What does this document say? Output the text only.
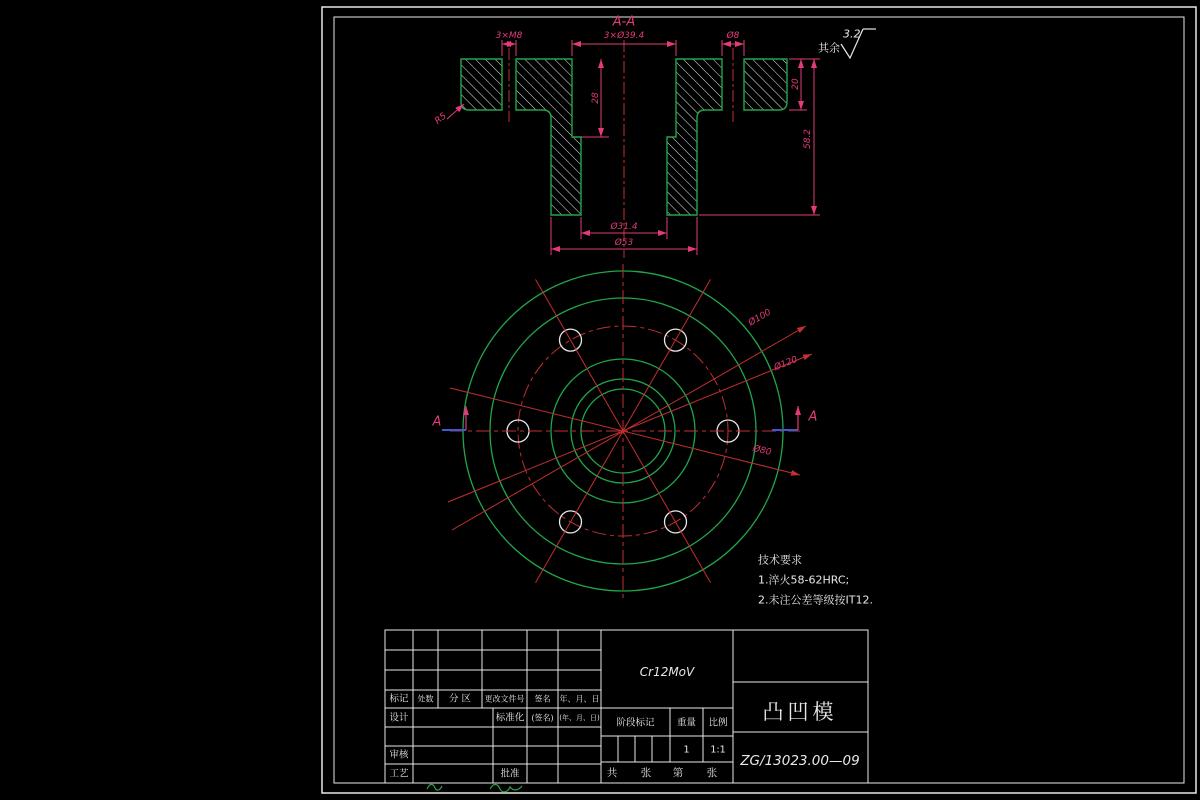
A-A
3×M8	3×Ø39.4	Ø8
28
20
58.2
R5
Ø31.4
Ø53
Ø100
Ø120
Ø80
A	A
其余
3.2
技术要求
1.淬火58-62HRC;
2.未注公差等级按IT12.
标记 处数 分 区 更改文件号 签名 年、月、日
设计	标准化 (签名) (年、月、日)
审核
工艺	批准
阶段标记 重量 比例
1 1:1
共 张 第 张
Cr12MoV
凸凹模
ZG/13023.00—09
